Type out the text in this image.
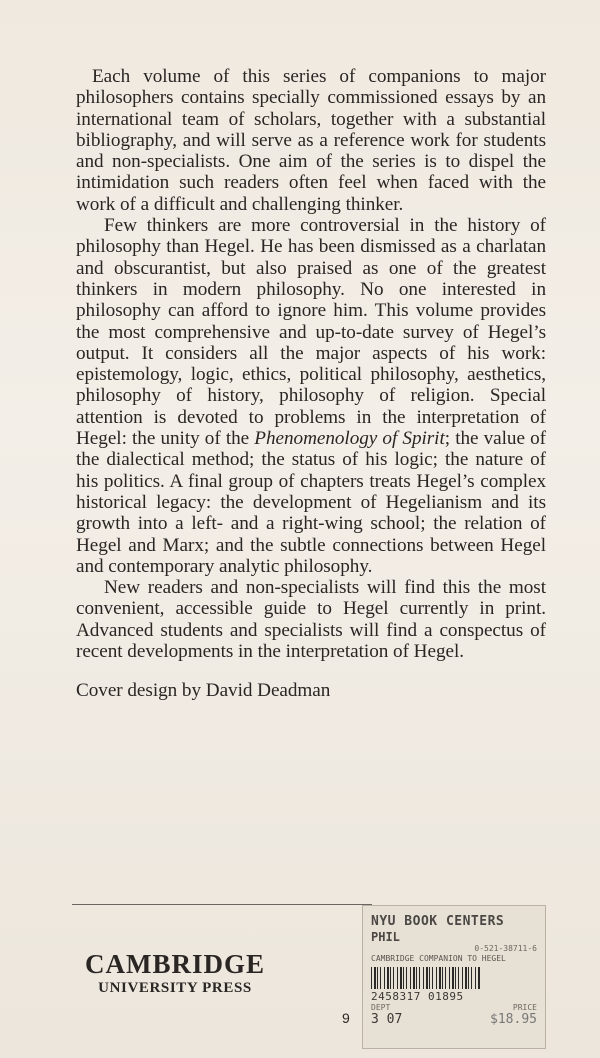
Each volume of this series of companions to major philosophers contains specially commissioned essays by an international team of scholars, together with a substantial bibliography, and will serve as a reference work for students and non-specialists. One aim of the series is to dispel the intimidation such readers often feel when faced with the work of a difficult and challenging thinker.

Few thinkers are more controversial in the history of philosophy than Hegel. He has been dismissed as a charlatan and obscurantist, but also praised as one of the greatest thinkers in modern philosophy. No one interested in philosophy can afford to ignore him. This volume provides the most comprehensive and up-to-date survey of Hegel’s output. It considers all the major aspects of his work: epistemology, logic, ethics, political philosophy, aesthetics, philosophy of history, philosophy of religion. Special attention is devoted to problems in the interpretation of Hegel: the unity of the Phenomenology of Spirit; the value of the dialectical method; the status of his logic; the nature of his politics. A final group of chapters treats Hegel’s complex historical legacy: the development of Hegelianism and its growth into a left- and a right-wing school; the relation of Hegel and Marx; and the subtle connections between Hegel and contemporary analytic philosophy.

New readers and non-specialists will find this the most convenient, accessible guide to Hegel currently in print. Advanced students and specialists will find a conspectus of recent developments in the interpretation of Hegel.

Cover design by David Deadman

CAMBRIDGE
UNIVERSITY PRESS
9
NYU BOOK CENTERS
PHIL
0-521-38711-6
CAMBRIDGE COMPANION TO HEGEL
2458317 01895
DEPT	PRICE
3 07	$18.95
